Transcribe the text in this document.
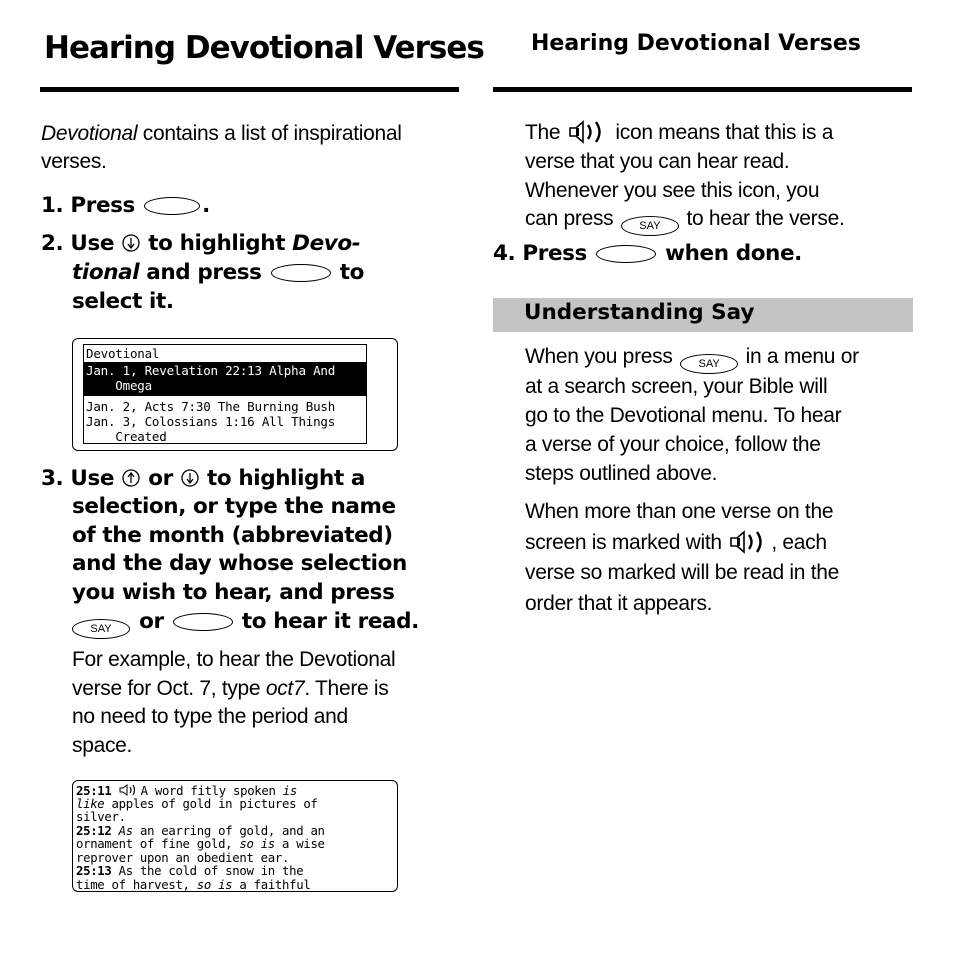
Hearing Devotional Verses
Devotional contains a list of inspirational verses.
1. Press	.
2. Use to highlight Devo-
tional and press	to
select it.
Devotional
Jan. 1, Revelation 22:13 Alpha And
Omega
Jan. 2, Acts 7:30 The Burning Bush
Jan. 3, Colossians 1:16 All Things
Created
3. Use or to highlight a
selection, or type the name
of the month (abbreviated)
and the day whose selection
you wish to hear, and press
SAY or	to hear it read.
For example, to hear the Devotional
verse for Oct. 7, type oct7. There is
no need to type the period and
space.
25:11 A word fitly spoken is
like apples of gold in pictures of
silver.
25:12 As an earring of gold, and an
ornament of fine gold, so is a wise
reprover upon an obedient ear.
25:13 As the cold of snow in the
time of harvest, so is a faithful
Hearing Devotional Verses
The	icon means that this is a
verse that you can hear read.
Whenever you see this icon, you
can press SAY to hear the verse.
4. Press	when done.
Understanding Say
When you press SAY in a menu or
at a search screen, your Bible will
go to the Devotional menu. To hear
a verse of your choice, follow the
steps outlined above.
When more than one verse on the
screen is marked with , each
verse so marked will be read in the
order that it appears.
